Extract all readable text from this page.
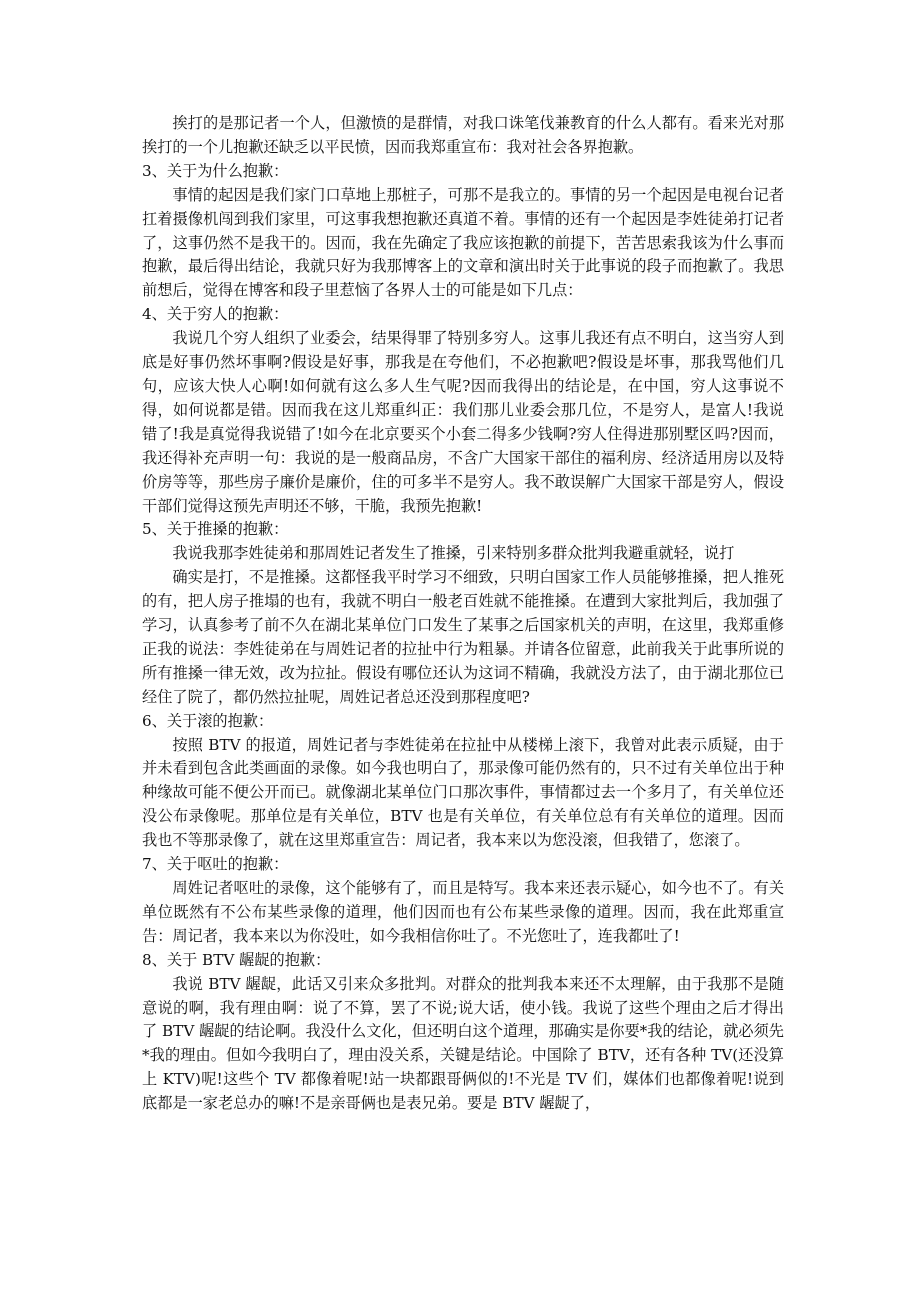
挨打的是那记者一个人，但激愤的是群情，对我口诛笔伐兼教育的什么人都有。看来光对那挨打的一个儿抱歉还缺乏以平民愤，因而我郑重宣布：我对社会各界抱歉。

3、关于为什么抱歉：

事情的起因是我们家门口草地上那桩子，可那不是我立的。事情的另一个起因是电视台记者扛着摄像机闯到我们家里，可这事我想抱歉还真道不着。事情的还有一个起因是李姓徒弟打记者了，这事仍然不是我干的。因而，我在先确定了我应该抱歉的前提下，苦苦思索我该为什么事而抱歉，最后得出结论，我就只好为我那博客上的文章和演出时关于此事说的段子而抱歉了。我思前想后，觉得在博客和段子里惹恼了各界人士的可能是如下几点：

4、关于穷人的抱歉：

我说几个穷人组织了业委会，结果得罪了特别多穷人。这事儿我还有点不明白，这当穷人到底是好事仍然坏事啊?假设是好事，那我是在夸他们，不必抱歉吧?假设是坏事，那我骂他们几句，应该大快人心啊!如何就有这么多人生气呢?因而我得出的结论是，在中国，穷人这事说不得，如何说都是错。因而我在这儿郑重纠正：我们那儿业委会那几位，不是穷人，是富人!我说错了!我是真觉得我说错了!如今在北京要买个小套二得多少钱啊?穷人住得进那别墅区吗?因而，我还得补充声明一句：我说的是一般商品房，不含广大国家干部住的福利房、经济适用房以及特价房等等，那些房子廉价是廉价，住的可多半不是穷人。我不敢误解广大国家干部是穷人，假设干部们觉得这预先声明还不够，干脆，我预先抱歉!

5、关于推搡的抱歉：

我说我那李姓徒弟和那周姓记者发生了推搡，引来特别多群众批判我避重就轻，说打

确实是打，不是推搡。这都怪我平时学习不细致，只明白国家工作人员能够推搡，把人推死的有，把人房子推塌的也有，我就不明白一般老百姓就不能推搡。在遭到大家批判后，我加强了学习，认真参考了前不久在湖北某单位门口发生了某事之后国家机关的声明，在这里，我郑重修正我的说法：李姓徒弟在与周姓记者的拉扯中行为粗暴。并请各位留意，此前我关于此事所说的所有推搡一律无效，改为拉扯。假设有哪位还认为这词不精确，我就没方法了，由于湖北那位已经住了院了，都仍然拉扯呢，周姓记者总还没到那程度吧?

6、关于滚的抱歉：

按照 BTV 的报道，周姓记者与李姓徒弟在拉扯中从楼梯上滚下，我曾对此表示质疑，由于并未看到包含此类画面的录像。如今我也明白了，那录像可能仍然有的，只不过有关单位出于种种缘故可能不便公开而已。就像湖北某单位门口那次事件，事情都过去一个多月了，有关单位还没公布录像呢。那单位是有关单位，BTV 也是有关单位，有关单位总有有关单位的道理。因而我也不等那录像了，就在这里郑重宣告：周记者，我本来以为您没滚，但我错了，您滚了。

7、关于呕吐的抱歉：

周姓记者呕吐的录像，这个能够有了，而且是特写。我本来还表示疑心，如今也不了。有关单位既然有不公布某些录像的道理，他们因而也有公布某些录像的道理。因而，我在此郑重宣告：周记者，我本来以为你没吐，如今我相信你吐了。不光您吐了，连我都吐了!

8、关于 BTV 龌龊的抱歉：

我说 BTV 龌龊，此话又引来众多批判。对群众的批判我本来还不太理解，由于我那不是随意说的啊，我有理由啊：说了不算，罢了不说;说大话，使小钱。我说了这些个理由之后才得出了 BTV 龌龊的结论啊。我没什么文化，但还明白这个道理，那确实是你要*我的结论，就必须先*我的理由。但如今我明白了，理由没关系，关键是结论。中国除了 BTV，还有各种 TV(还没算上 KTV)呢!这些个 TV 都像着呢!站一块都跟哥俩似的!不光是 TV 们，媒体们也都像着呢!说到底都是一家老总办的嘛!不是亲哥俩也是表兄弟。要是 BTV 龌龊了，
